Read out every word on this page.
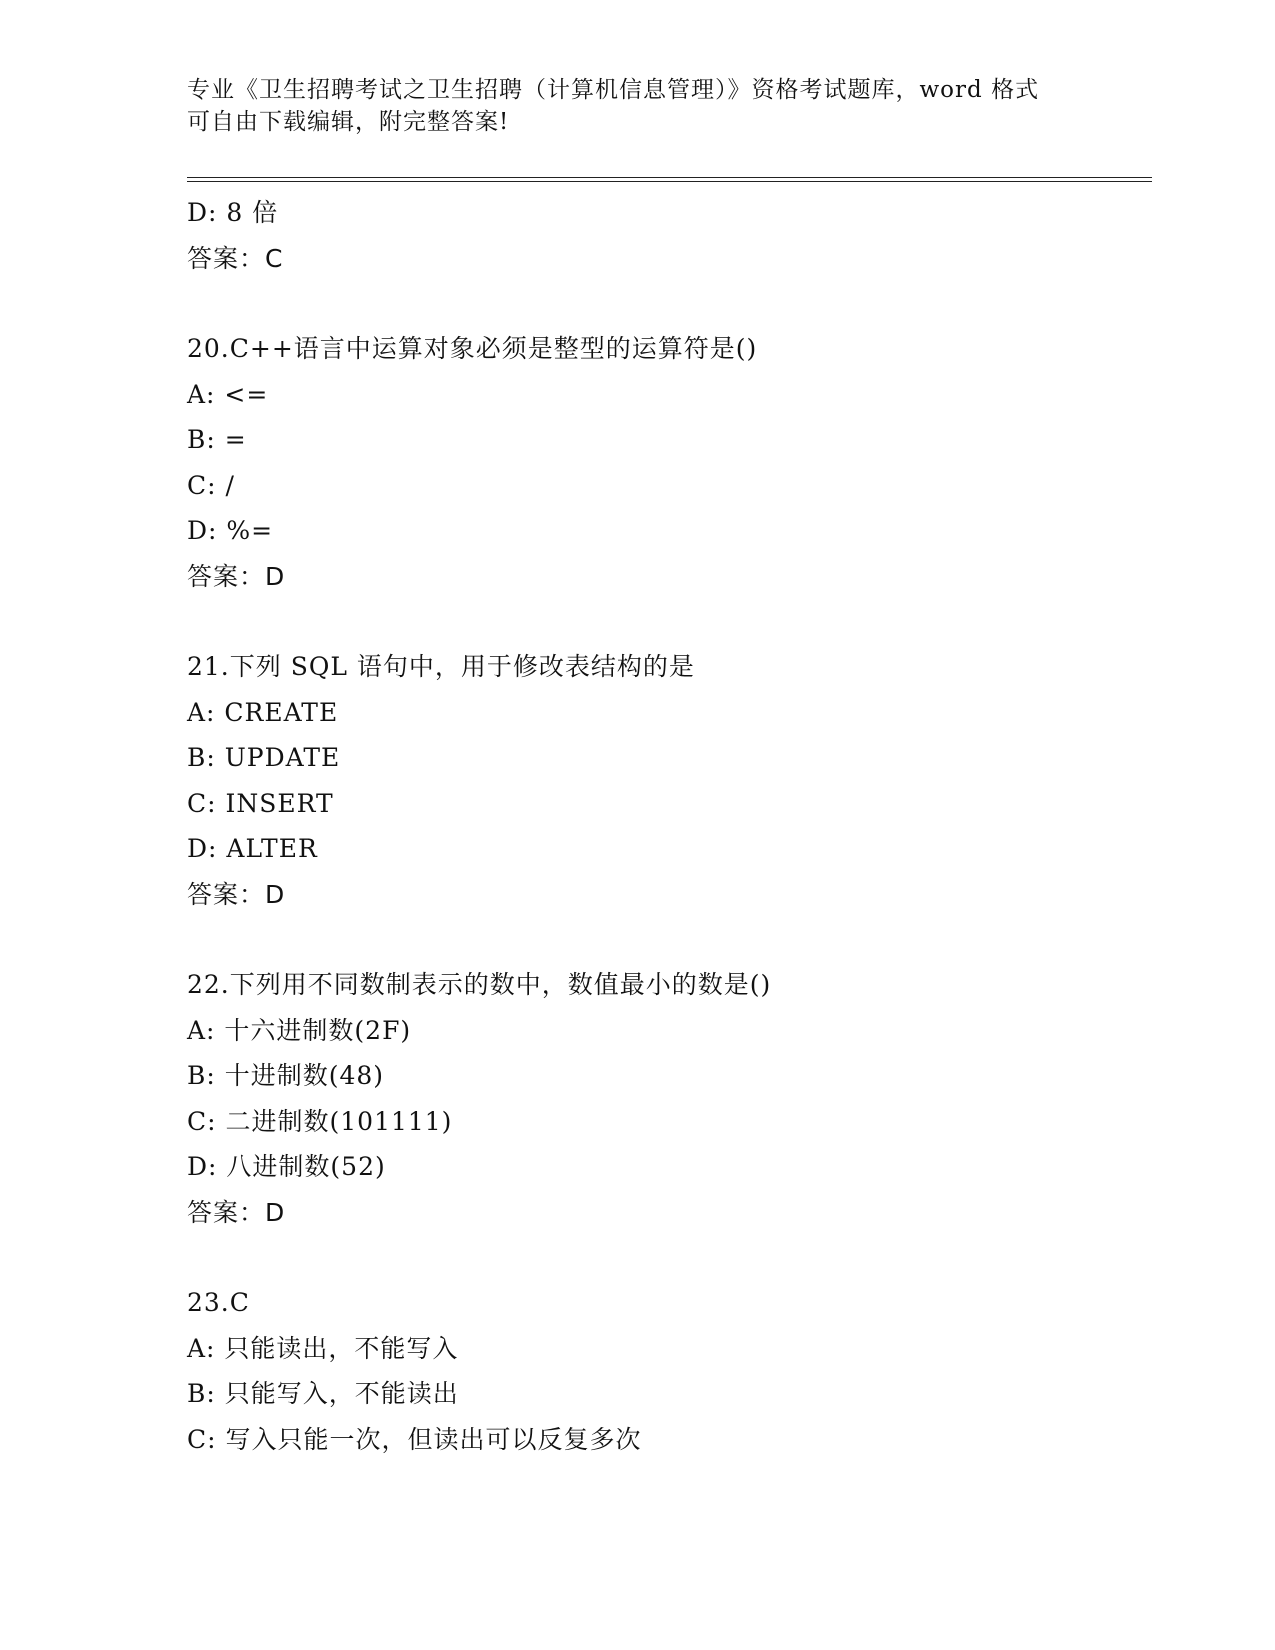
专业《卫生招聘考试之卫生招聘（计算机信息管理）》资格考试题库，word 格式
可自由下载编辑，附完整答案!
D: 8 倍
答案：C
20.C++语言中运算对象必须是整型的运算符是()
A: <=
B: =
C: /
D: %=
答案：D
21.下列 SQL 语句中，用于修改表结构的是
A: CREATE
B: UPDATE
C: INSERT
D: ALTER
答案：D
22.下列用不同数制表示的数中，数值最小的数是()
A: 十六进制数(2F)
B: 十进制数(48)
C: 二进制数(101111)
D: 八进制数(52)
答案：D
23.C
A: 只能读出，不能写入
B: 只能写入，不能读出
C: 写入只能一次，但读出可以反复多次
